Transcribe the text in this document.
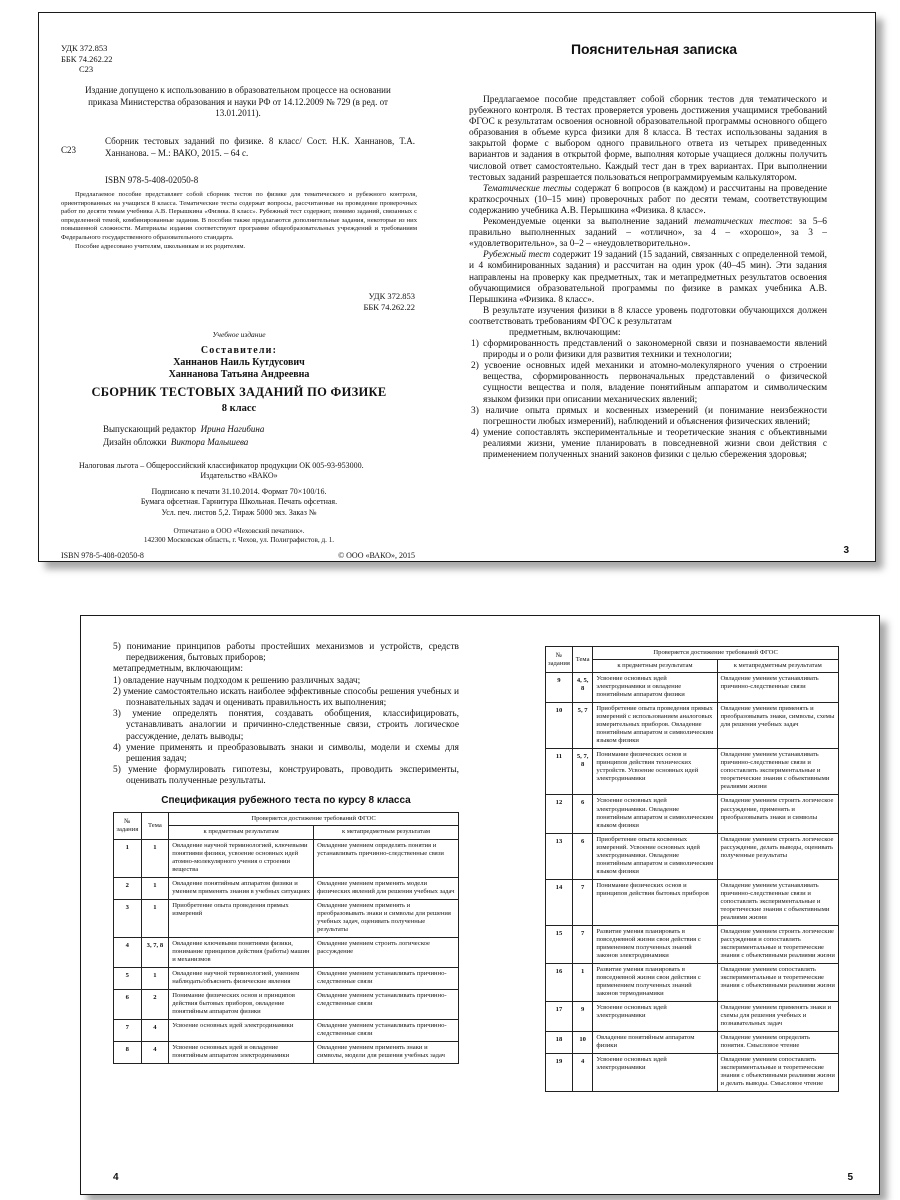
УДК 372.853
ББК 74.262.22
С23
Издание допущено к использованию в образовательном процессе на основании приказа Министерства образования и науки РФ от 14.12.2009 № 729 (в ред. от 13.01.2011).
С23
Сборник тестовых заданий по физике. 8 класс/ Сост. Н.К. Ханнанов, Т.А. Ханнанова. – М.: ВАКО, 2015. – 64 с.
ISBN 978-5-408-02050-8

Предлагаемое пособие представляет собой сборник тестов по физике для тематического и рубежного контроля, ориентированных на учащихся 8 класса. Тематические тесты содержат вопросы, рассчитанные на проведение проверочных работ по десяти темам учебника А.В. Перышкина «Физика. 8 класс». Рубежный тест содержит, помимо заданий, связанных с определенной темой, комбинированные задания. В пособии также предлагаются дополнительные задания, некоторые из них повышенной сложности. Материалы издания соответствуют программе общеобразовательных учреждений и требованиям Федерального государственного образовательного стандарта.

Пособие адресовано учителям, школьникам и их родителям.

УДК 372.853
ББК 74.262.22
Учебное издание
Составители:
Ханнанов Наиль Кутдусович
Ханнанова Татьяна Андреевна
СБОРНИК ТЕСТОВЫХ ЗАДАНИЙ ПО ФИЗИКЕ
8 класс
Выпускающий редактор Ирина Нагибина
Дизайн обложки Виктора Малышева
Налоговая льгота – Общероссийский классификатор продукции ОК 005-93-953000.
Издательство «ВАКО»
Подписано к печати 31.10.2014. Формат 70×100/16.
Бумага офсетная. Гарнитура Школьная. Печать офсетная.
Усл. печ. листов 5,2. Тираж 5000 экз. Заказ №
Отпечатано в ООО «Чеховский печатник».
142300 Московская область, г. Чехов, ул. Полиграфистов, д. 1.
ISBN 978-5-408-02050-8	© ООО «ВАКО», 2015
Пояснительная записка

Предлагаемое пособие представляет собой сборник тестов для тематического и рубежного контроля. В тестах проверяется уровень достижения учащимися требований ФГОС к результатам освоения основной образовательной программы основного общего образования в объеме курса физики для 8 класса. В тестах использованы задания в закрытой форме с выбором одного правильного ответа из четырех приведенных вариантов и задания в открытой форме, выполняя которые учащиеся должны получить числовой ответ самостоятельно. Каждый тест дан в трех вариантах. При выполнении тестовых заданий разрешается пользоваться непрограммируемым калькулятором.

Тематические тесты содержат 6 вопросов (в каждом) и рассчитаны на проведение краткосрочных (10–15 мин) проверочных работ по десяти темам, соответствующим содержанию учебника А.В. Перышкина «Физика. 8 класс».

Рекомендуемые оценки за выполнение заданий тематических тестов: за 5–6 правильно выполненных заданий – «отлично», за 4 – «хорошо», за 3 – «удовлетворительно», за 0–2 – «неудовлетворительно».

Рубежный тест содержит 19 заданий (15 заданий, связанных с определенной темой, и 4 комбинированных задания) и рассчитан на один урок (40–45 мин). Эти задания направлены на проверку как предметных, так и метапредметных результатов освоения обучающимися образовательной программы по физике в рамках учебника А.В. Перышкина «Физика. 8 класс».

В результате изучения физики в 8 классе уровень подготовки обучающихся должен соответствовать требованиям ФГОС к результатам

предметным, включающим:

1) сформированность представлений о закономерной связи и познаваемости явлений природы и о роли физики для развития техники и технологии;

2) усвоение основных идей механики и атомно-молекулярного учения о строении вещества, сформированность первоначальных представлений о физической сущности вещества и поля, владение понятийным аппаратом и символическим языком физики при описании механических явлений;

3) наличие опыта прямых и косвенных измерений (и понимание неизбежности погрешности любых измерений), наблюдений и объяснения физических явлений;

4) умение сопоставлять экспериментальные и теоретические знания с объективными реалиями жизни, умение планировать в повседневной жизни свои действия с применением полученных знаний законов физики с целью сбережения здоровья;

3

5) понимание принципов работы простейших механизмов и устройств, средств передвижения, бытовых приборов;

метапредметным, включающим:

1) овладение научным подходом к решению различных задач;

2) умение самостоятельно искать наиболее эффективные способы решения учебных и познавательных задач и оценивать правильность их выполнения;

3) умение определять понятия, создавать обобщения, классифицировать, устанавливать аналогии и причинно-следственные связи, строить логическое рассуждение, делать выводы;

4) умение применять и преобразовывать знаки и символы, модели и схемы для решения задач;

5) умение формулировать гипотезы, конструировать, проводить эксперименты, оценивать полученные результаты.

Спецификация рубежного теста по курсу 8 класса
№ задания	Тема	Проверяется достижение требований ФГОС	
		к предметным результатам	к метапредметным результатам
1	1	Овладение научной терминологией, ключевыми понятиями физики, усвоение основных идей атомно-молекулярного учения о строении вещества	Овладение умением определять понятия и устанавливать причинно-следственные связи
2	1	Овладение понятийным аппаратом физики и умением применять знания в учебных ситуациях	Овладение умением применять модели физических явлений для решения учебных задач
3	1	Приобретение опыта проведения прямых измерений	Овладение умением применять и преобразовывать знаки и символы для решения учебных задач, оценивать полученные результаты
4	3, 7, 8	Овладение ключевыми понятиями физики, понимание принципов действия (работы) машин и механизмов	Овладение умением строить логическое рассуждение
5	1	Овладение научной терминологией, умением наблюдать/объяснять физические явления	Овладение умением устанавливать причинно-следственные связи
6	2	Понимание физических основ и принципов действия бытовых приборов, овладение понятийным аппаратом физики	Овладение умением устанавливать причинно-следственные связи
7	4	Усвоение основных идей электродинамики	Овладение умением устанавливать причинно-следственные связи
8	4	Усвоение основных идей и овладение понятийным аппаратом электродинамики	Овладение умением применять знаки и символы, модели для решения учебных задач
4
№ задания	Тема	Проверяется достижение требований ФГОС	
		к предметным результатам	к метапредметным результатам
9	4, 5, 8	Усвоение основных идей электродинамики и овладение понятийным аппаратом физики	Овладение умением устанавливать причинно-следственные связи
10	5, 7	Приобретение опыта проведения прямых измерений с использованием аналоговых измерительных приборов. Овладение понятийным аппаратом и символическим языком физики	Овладение умением применять и преобразовывать знаки, символы, схемы для решения учебных задач
11	5, 7, 8	Понимание физических основ и принципов действия технических устройств. Усвоение основных идей электродинамики	Овладение умением устанавливать причинно-следственные связи и сопоставлять экспериментальные и теоретические знания с объективными реалиями жизни
12	6	Усвоение основных идей электродинамики. Овладение понятийным аппаратом и символическим языком физики	Овладение умением строить логическое рассуждение, применять и преобразовывать знаки и символы
13	6	Приобретение опыта косвенных измерений. Усвоение основных идей электродинамики. Овладение понятийным аппаратом и символическим языком физики	Овладение умением строить логическое рассуждение, делать выводы, оценивать полученные результаты
14	7	Понимание физических основ и принципов действия бытовых приборов	Овладение умением устанавливать причинно-следственные связи и сопоставлять экспериментальные и теоретические знания с объективными реалиями жизни
15	7	Развитие умения планировать в повседневной жизни свои действия с применением полученных знаний законов электродинамики	Овладение умением строить логические рассуждения и сопоставлять экспериментальные и теоретические знания с объективными реалиями жизни
16	1	Развитие умения планировать в повседневной жизни свои действия с применением полученных знаний законов термодинамики	Овладение умением сопоставлять экспериментальные и теоретические знания с объективными реалиями жизни
17	9	Усвоение основных идей электродинамики	Овладение умением применять знаки и схемы для решения учебных и познавательных задач
18	10	Овладение понятийным аппаратом физики	Овладение умением определять понятия. Смысловое чтение
19	4	Усвоение основных идей электродинамики	Овладение умением сопоставлять экспериментальные и теоретические знания с объективными реалиями жизни и делать выводы. Смысловое чтение
5
